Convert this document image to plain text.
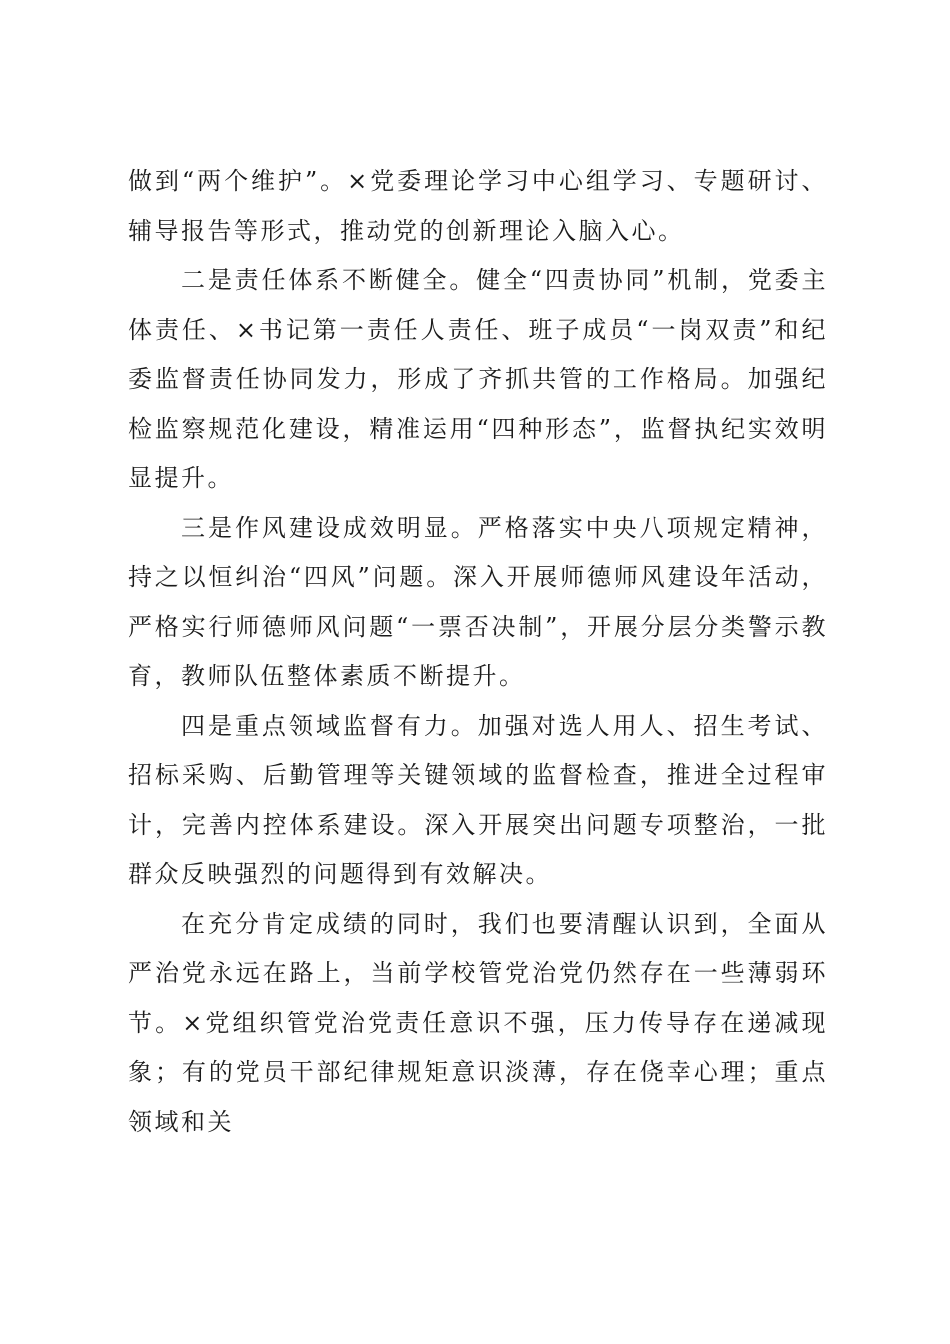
做到“两个维护”。×党委理论学习中心组学习、专题研讨、辅导报告等形式，推动党的创新理论入脑入心。

二是责任体系不断健全。健全“四责协同”机制，党委主体责任、×书记第一责任人责任、班子成员“一岗双责”和纪委监督责任协同发力，形成了齐抓共管的工作格局。加强纪检监察规范化建设，精准运用“四种形态”，监督执纪实效明显提升。

三是作风建设成效明显。严格落实中央八项规定精神，持之以恒纠治“四风”问题。深入开展师德师风建设年活动，严格实行师德师风问题“一票否决制”，开展分层分类警示教育，教师队伍整体素质不断提升。

四是重点领域监督有力。加强对选人用人、招生考试、招标采购、后勤管理等关键领域的监督检查，推进全过程审计，完善内控体系建设。深入开展突出问题专项整治，一批群众反映强烈的问题得到有效解决。

在充分肯定成绩的同时，我们也要清醒认识到，全面从严治党永远在路上，当前学校管党治党仍然存在一些薄弱环节。×党组织管党治党责任意识不强，压力传导存在递减现象；有的党员干部纪律规矩意识淡薄，存在侥幸心理；重点领域和关
